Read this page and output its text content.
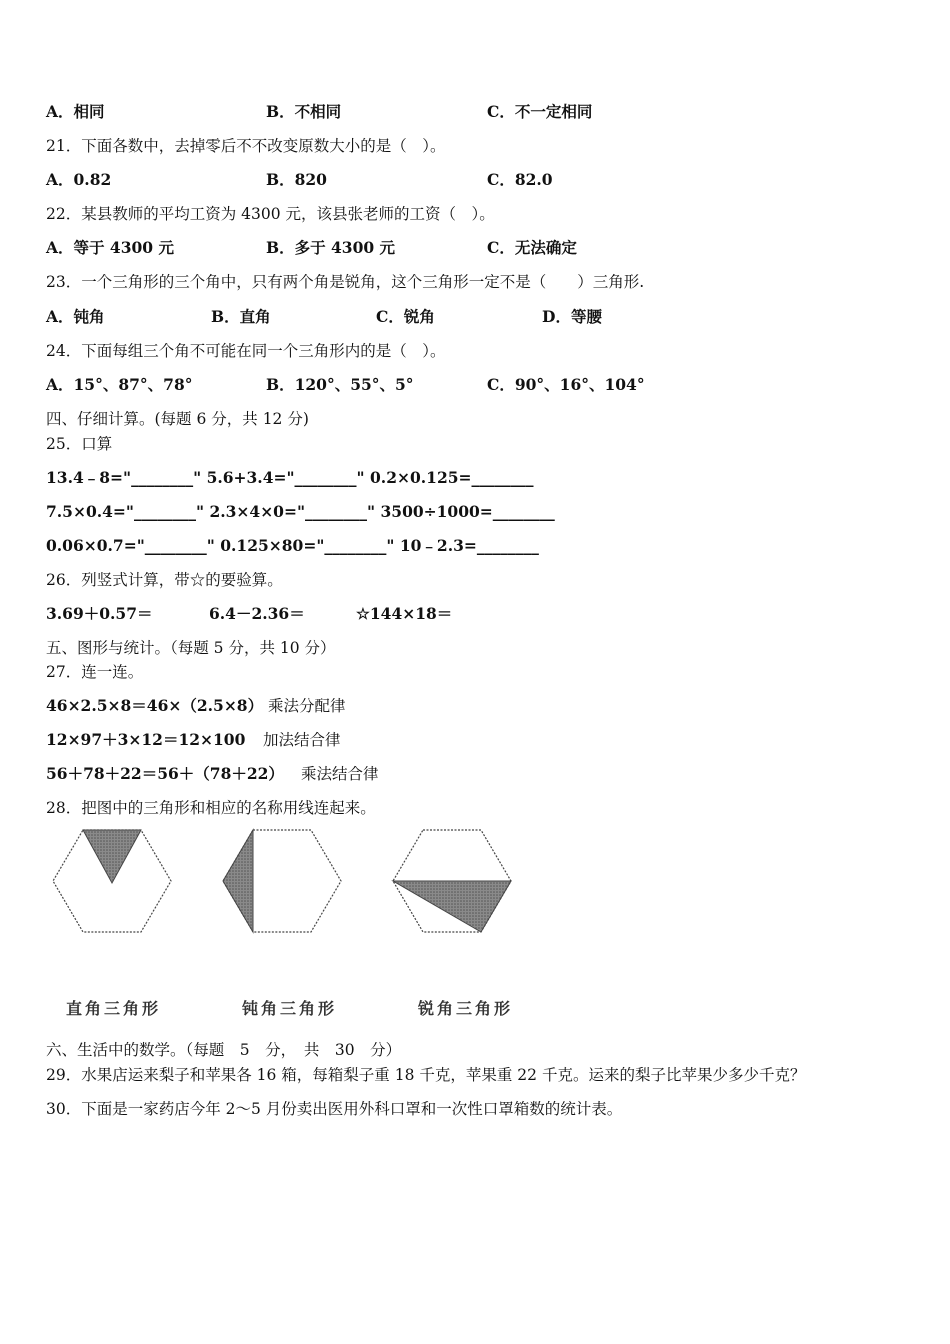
A．相同	B．不相同	C．不一定相同
21．下面各数中，去掉零后不不改变原数大小的是（　）。
A．0.82	B．820	C．82.0
22．某县教师的平均工资为 4300 元，该县张老师的工资（　）。
A．等于 4300 元	B．多于 4300 元	C．无法确定
23．一个三角形的三个角中，只有两个角是锐角，这个三角形一定不是（　　）三角形.
A．钝角	B．直角	C．锐角	D．等腰
24．下面每组三个角不可能在同一个三角形内的是（　）。
A．15°、87°、78°	B．120°、55°、5°	C．90°、16°、104°
四、仔细计算。(每题 6 分，共 12 分)
25．口算
13.4﹣8="________" 5.6+3.4="________" 0.2×0.125=________
7.5×0.4="________" 2.3×4×0="________" 3500÷1000=________
0.06×0.7="________" 0.125×80="________" 10﹣2.3=________
26．列竖式计算，带☆的要验算。
3.69＋0.57＝	6.4－2.36＝	☆144×18＝
五、图形与统计。（每题 5 分，共 10 分）
27．连一连。
46×2.5×8＝46×（2.5×8） 乘法分配律
12×97＋3×12＝12×100 加法结合律
56＋78＋22＝56＋（78＋22） 乘法结合律
28．把图中的三角形和相应的名称用线连起来。
直角三角形	钝角三角形	锐角三角形
六、生活中的数学。（每题　5　分，　共　30　分）
29．水果店运来梨子和苹果各 16 箱，每箱梨子重 18 千克，苹果重 22 千克。运来的梨子比苹果少多少千克？
30．下面是一家药店今年 2～5 月份卖出医用外科口罩和一次性口罩箱数的统计表。
